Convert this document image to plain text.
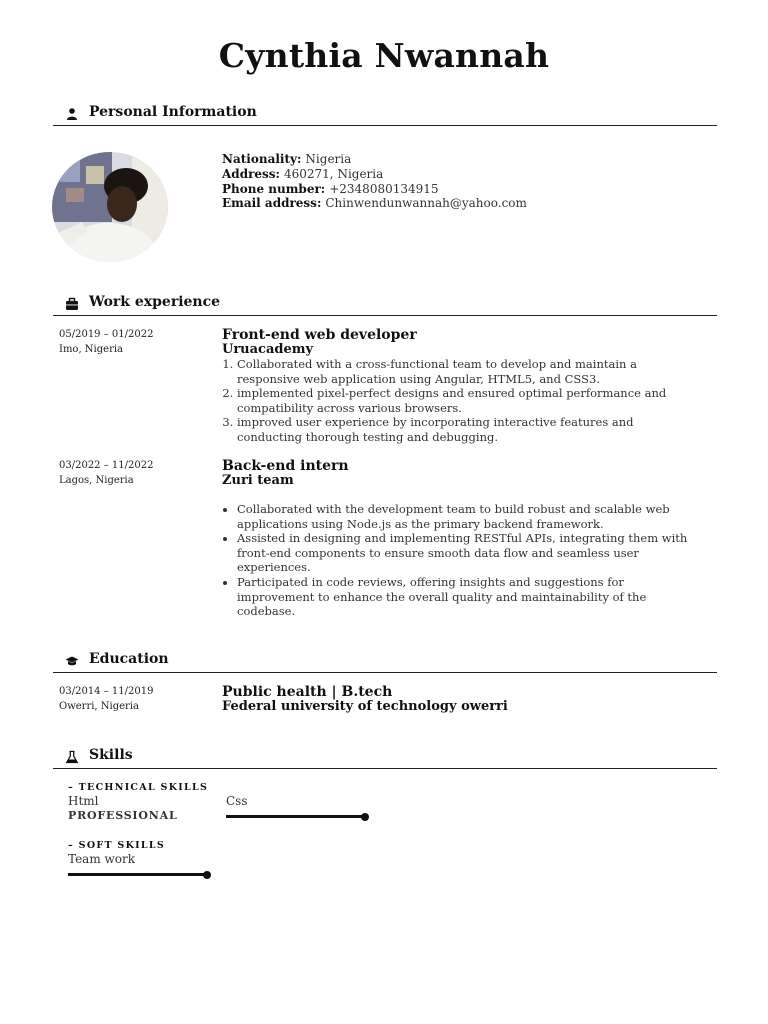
Cynthia Nwannah
Personal Information
Nationality: Nigeria
Address: 460271, Nigeria
Phone number: +2348080134915
Email address: Chinwendunwannah@yahoo.com
Work experience
05/2019 – 01/2022
Imo, Nigeria
Front-end web developer
Uruacademy
1. Collaborated with a cross-functional team to develop and maintain a responsive web application using Angular, HTML5, and CSS3.
2. implemented pixel-perfect designs and ensured optimal performance and compatibility across various browsers.
3. improved user experience by incorporating interactive features and conducting thorough testing and debugging.
03/2022 – 11/2022
Lagos, Nigeria
Back-end intern
Zuri team
• Collaborated with the development team to build robust and scalable web applications using Node.js as the primary backend framework.
• Assisted in designing and implementing RESTful APIs, integrating them with front-end components to ensure smooth data flow and seamless user experiences.
• Participated in code reviews, offering insights and suggestions for improvement to enhance the overall quality and maintainability of the codebase.
Education
03/2014 – 11/2019
Owerri, Nigeria
Public health | B.tech
Federal university of technology owerri
Skills
– TECHNICAL SKILLS
Html
PROFESSIONAL
Css
– SOFT SKILLS
Team work
